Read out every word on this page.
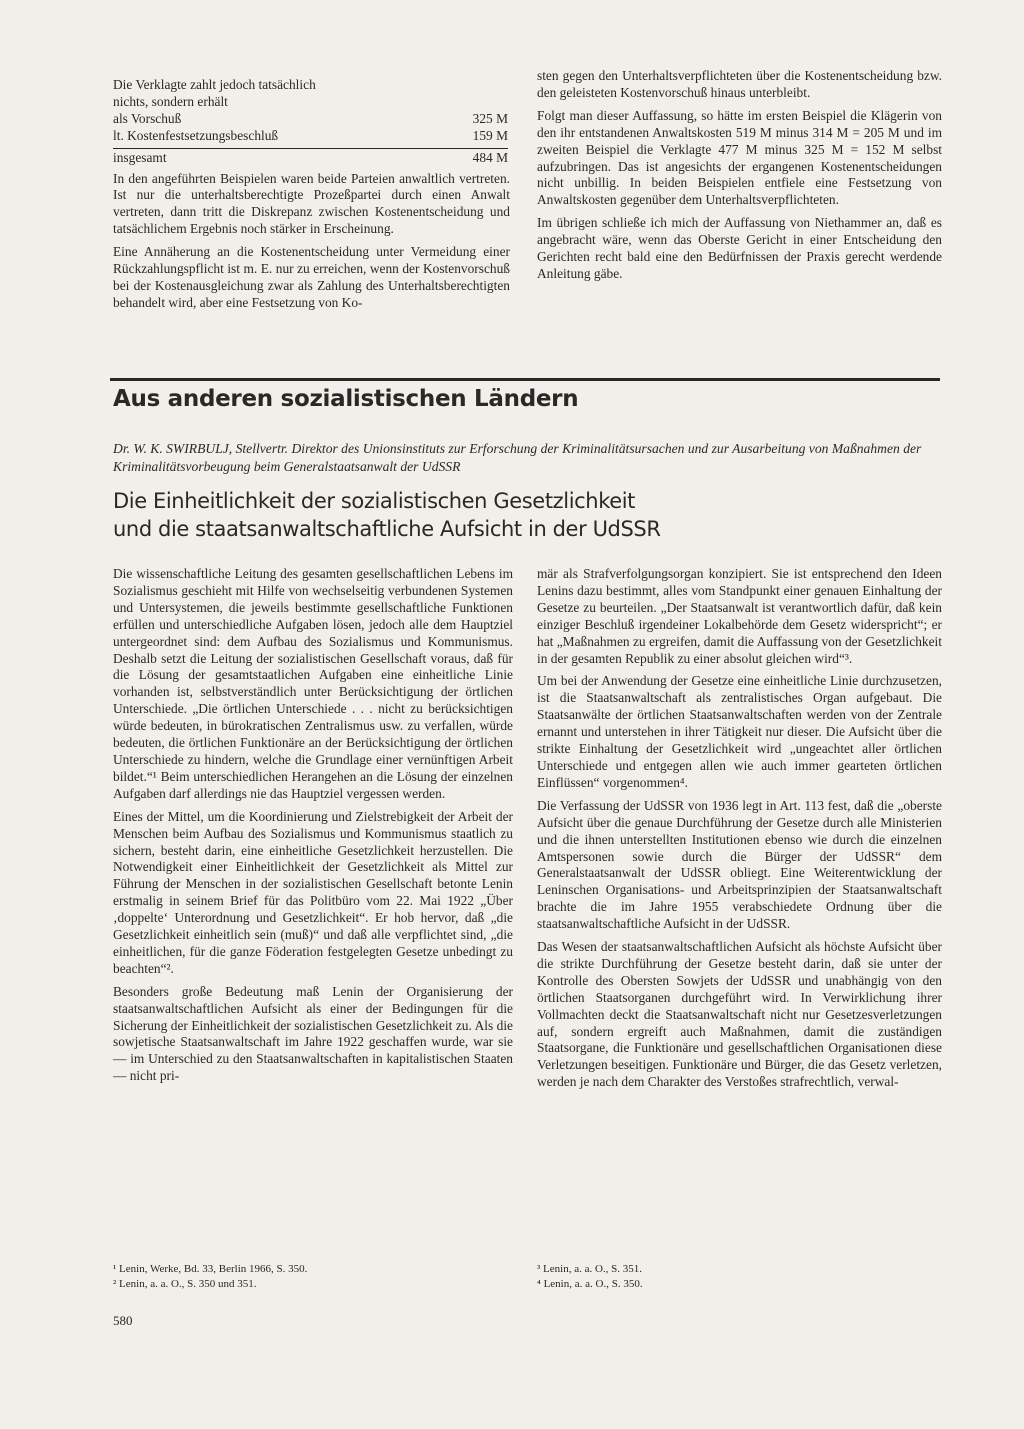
Die Verklagte zahlt jedoch tatsächlich
nichts, sondern erhält
als Vorschuß	325 M
lt. Kostenfestsetzungsbeschluß	159 M
insgesamt	484 M

In den angeführten Beispielen waren beide Parteien anwaltlich vertreten. Ist nur die unterhaltsberechtigte Prozeßpartei durch einen Anwalt vertreten, dann tritt die Diskrepanz zwischen Kostenentscheidung und tatsächlichem Ergebnis noch stärker in Erscheinung.

Eine Annäherung an die Kostenentscheidung unter Vermeidung einer Rückzahlungspflicht ist m. E. nur zu erreichen, wenn der Kostenvorschuß bei der Kostenausgleichung zwar als Zahlung des Unterhaltsberechtigten behandelt wird, aber eine Festsetzung von Ko-

sten gegen den Unterhaltsverpflichteten über die Kostenentscheidung bzw. den geleisteten Kostenvorschuß hinaus unterbleibt.

Folgt man dieser Auffassung, so hätte im ersten Beispiel die Klägerin von den ihr entstandenen Anwaltskosten 519 M minus 314 M = 205 M und im zweiten Beispiel die Verklagte 477 M minus 325 M = 152 M selbst aufzubringen. Das ist angesichts der ergangenen Kostenentscheidungen nicht unbillig. In beiden Beispielen entfiele eine Festsetzung von Anwaltskosten gegenüber dem Unterhaltsverpflichteten.

Im übrigen schließe ich mich der Auffassung von Niethammer an, daß es angebracht wäre, wenn das Oberste Gericht in einer Entscheidung den Gerichten recht bald eine den Bedürfnissen der Praxis gerecht werdende Anleitung gäbe.

Aus anderen sozialistischen Ländern
Dr. W. K. SWIRBULJ, Stellvertr. Direktor des Unionsinstituts zur Erforschung der Kriminalitätsursachen und zur Ausarbeitung von Maßnahmen der Kriminalitätsvorbeugung beim Generalstaatsanwalt der UdSSR
Die Einheitlichkeit der sozialistischen Gesetzlichkeit
und die staatsanwaltschaftliche Aufsicht in der UdSSR

Die wissenschaftliche Leitung des gesamten gesellschaftlichen Lebens im Sozialismus geschieht mit Hilfe von wechselseitig verbundenen Systemen und Untersystemen, die jeweils bestimmte gesellschaftliche Funktionen erfüllen und unterschiedliche Aufgaben lösen, jedoch alle dem Hauptziel untergeordnet sind: dem Aufbau des Sozialismus und Kommunismus. Deshalb setzt die Leitung der sozialistischen Gesellschaft voraus, daß für die Lösung der gesamtstaatlichen Aufgaben eine einheitliche Linie vorhanden ist, selbstverständlich unter Berücksichtigung der örtlichen Unterschiede. „Die örtlichen Unterschiede . . . nicht zu berücksichtigen würde bedeuten, in bürokratischen Zentralismus usw. zu verfallen, würde bedeuten, die örtlichen Funktionäre an der Berücksichtigung der örtlichen Unterschiede zu hindern, welche die Grundlage einer vernünftigen Arbeit bildet.“¹ Beim unterschiedlichen Herangehen an die Lösung der einzelnen Aufgaben darf allerdings nie das Hauptziel vergessen werden.

Eines der Mittel, um die Koordinierung und Zielstrebigkeit der Arbeit der Menschen beim Aufbau des Sozialismus und Kommunismus staatlich zu sichern, besteht darin, eine einheitliche Gesetzlichkeit herzustellen. Die Notwendigkeit einer Einheitlichkeit der Gesetzlichkeit als Mittel zur Führung der Menschen in der sozialistischen Gesellschaft betonte Lenin erstmalig in seinem Brief für das Politbüro vom 22. Mai 1922 „Über ‚doppelte‘ Unterordnung und Gesetzlichkeit“. Er hob hervor, daß „die Gesetzlichkeit einheitlich sein (muß)“ und daß alle verpflichtet sind, „die einheitlichen, für die ganze Föderation festgelegten Gesetze unbedingt zu beachten“².

Besonders große Bedeutung maß Lenin der Organisierung der staatsanwaltschaftlichen Aufsicht als einer der Bedingungen für die Sicherung der Einheitlichkeit der sozialistischen Gesetzlichkeit zu. Als die sowjetische Staatsanwaltschaft im Jahre 1922 geschaffen wurde, war sie — im Unterschied zu den Staatsanwaltschaften in kapitalistischen Staaten — nicht pri-

¹ Lenin, Werke, Bd. 33, Berlin 1966, S. 350.
² Lenin, a. a. O., S. 350 und 351.

mär als Strafverfolgungsorgan konzipiert. Sie ist entsprechend den Ideen Lenins dazu bestimmt, alles vom Standpunkt einer genauen Einhaltung der Gesetze zu beurteilen. „Der Staatsanwalt ist verantwortlich dafür, daß kein einziger Beschluß irgendeiner Lokalbehörde dem Gesetz widerspricht“; er hat „Maßnahmen zu ergreifen, damit die Auffassung von der Gesetzlichkeit in der gesamten Republik zu einer absolut gleichen wird“³.

Um bei der Anwendung der Gesetze eine einheitliche Linie durchzusetzen, ist die Staatsanwaltschaft als zentralistisches Organ aufgebaut. Die Staatsanwälte der örtlichen Staatsanwaltschaften werden von der Zentrale ernannt und unterstehen in ihrer Tätigkeit nur dieser. Die Aufsicht über die strikte Einhaltung der Gesetzlichkeit wird „ungeachtet aller örtlichen Unterschiede und entgegen allen wie auch immer gearteten örtlichen Einflüssen“ vorgenommen⁴.

Die Verfassung der UdSSR von 1936 legt in Art. 113 fest, daß die „oberste Aufsicht über die genaue Durchführung der Gesetze durch alle Ministerien und die ihnen unterstellten Institutionen ebenso wie durch die einzelnen Amtspersonen sowie durch die Bürger der UdSSR“ dem Generalstaatsanwalt der UdSSR obliegt. Eine Weiterentwicklung der Leninschen Organisations- und Arbeitsprinzipien der Staatsanwaltschaft brachte die im Jahre 1955 verabschiedete Ordnung über die staatsanwaltschaftliche Aufsicht in der UdSSR.

Das Wesen der staatsanwaltschaftlichen Aufsicht als höchste Aufsicht über die strikte Durchführung der Gesetze besteht darin, daß sie unter der Kontrolle des Obersten Sowjets der UdSSR und unabhängig von den örtlichen Staatsorganen durchgeführt wird. In Verwirklichung ihrer Vollmachten deckt die Staatsanwaltschaft nicht nur Gesetzesverletzungen auf, sondern ergreift auch Maßnahmen, damit die zuständigen Staatsorgane, die Funktionäre und gesellschaftlichen Organisationen diese Verletzungen beseitigen. Funktionäre und Bürger, die das Gesetz verletzen, werden je nach dem Charakter des Verstoßes strafrechtlich, verwal-

³ Lenin, a. a. O., S. 351.
⁴ Lenin, a. a. O., S. 350.
580
